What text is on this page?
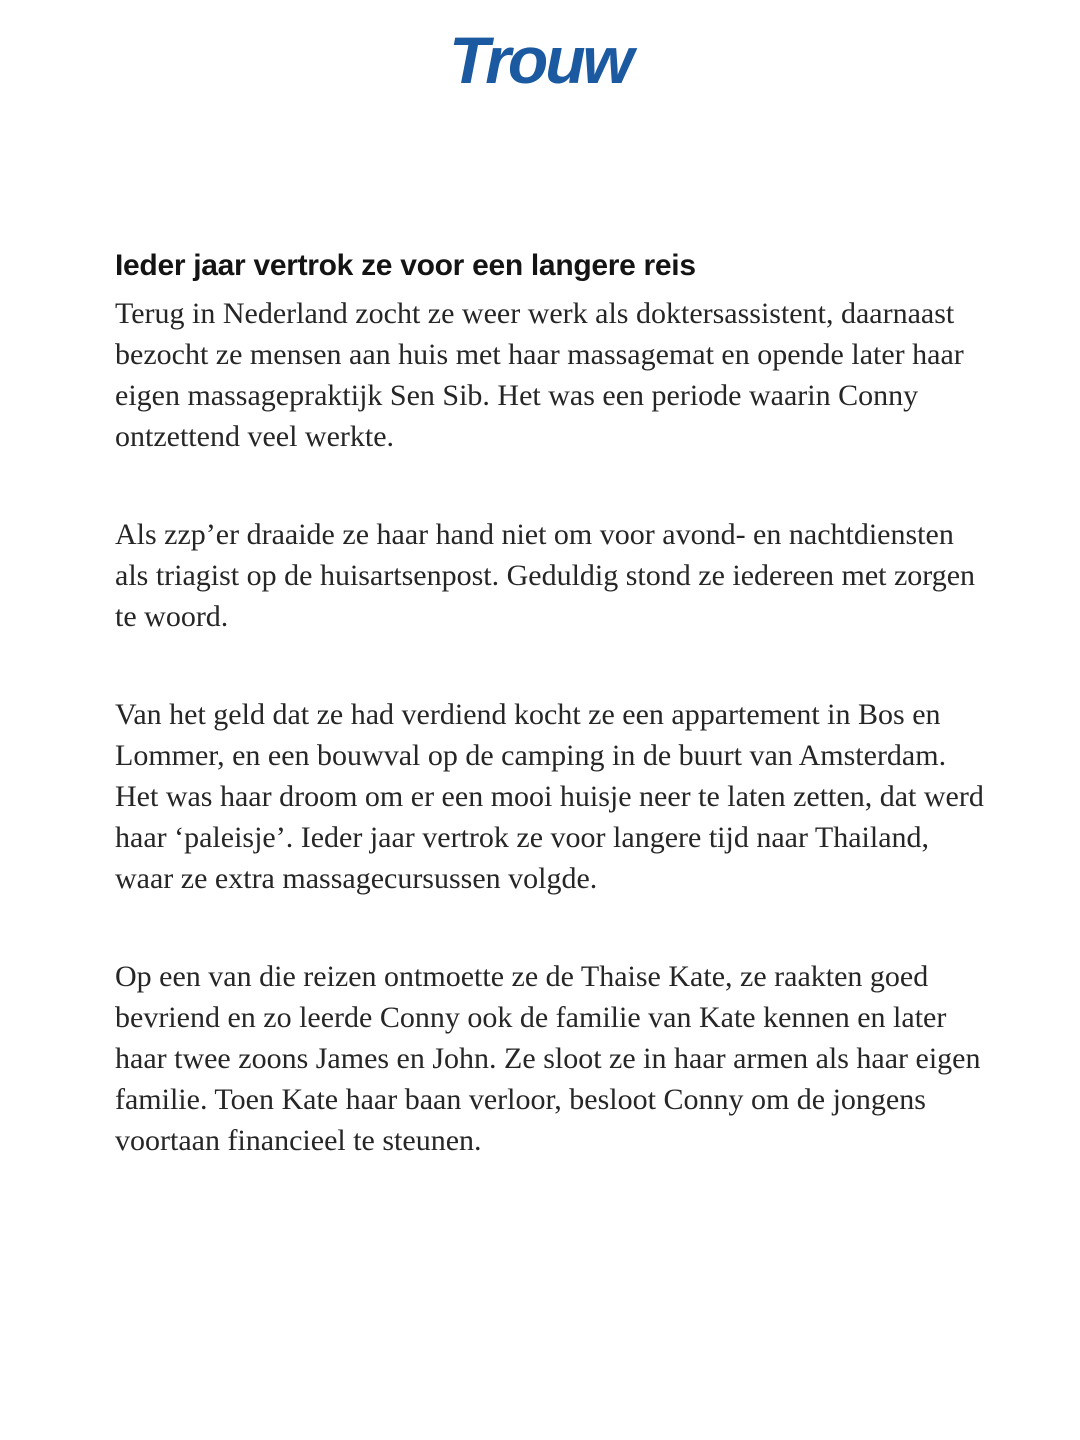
Trouw
Ieder jaar vertrok ze voor een langere reis

Terug in Nederland zocht ze weer werk als doktersassistent, daarnaast bezocht ze mensen aan huis met haar massagemat en opende later haar eigen massagepraktijk Sen Sib. Het was een periode waarin Conny ontzettend veel werkte.

Als zzp’er draaide ze haar hand niet om voor avond- en nachtdiensten als triagist op de huisartsenpost. Geduldig stond ze iedereen met zorgen te woord.

Van het geld dat ze had verdiend kocht ze een appartement in Bos en Lommer, en een bouwval op de camping in de buurt van Amsterdam. Het was haar droom om er een mooi huisje neer te laten zetten, dat werd haar ‘paleisje’. Ieder jaar vertrok ze voor langere tijd naar Thailand, waar ze extra massagecursussen volgde.

Op een van die reizen ontmoette ze de Thaise Kate, ze raakten goed bevriend en zo leerde Conny ook de familie van Kate kennen en later haar twee zoons James en John. Ze sloot ze in haar armen als haar eigen familie. Toen Kate haar baan verloor, besloot Conny om de jongens voortaan financieel te steunen.
